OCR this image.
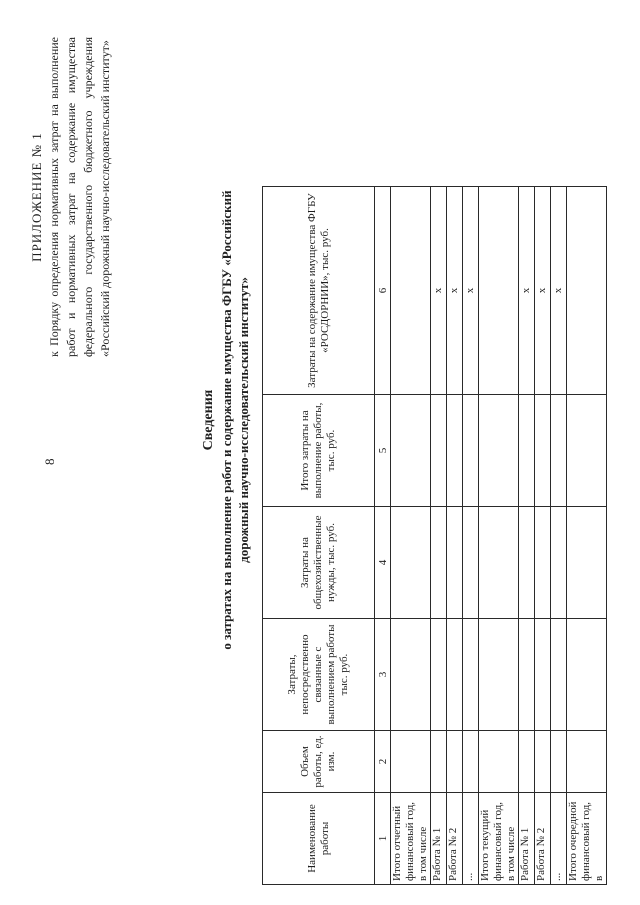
8
ПРИЛОЖЕНИЕ № 1 к Порядку определения нормативных затрат на выполнение работ и нормативных затрат на содержание имущества федерального государственного бюджетного учреждения «Российский дорожный научно-исследовательский институт»
Сведения о затратах на выполнение работ и содержание имущества ФГБУ «Российский дорожный научно-исследовательский институт»
Наименование работы	Объем работы, ед. изм.	Затраты, непосредственно связанные с выполнением работы тыс. руб.	Затраты на общехозяйственные нужды, тыс. руб.	Итого затраты на выполнение работы, тыс. руб.	Затраты на содержание имущества ФГБУ «РОСДОРНИИ», тыс. руб.
1	2	3	4	5	6
Итого отчетный финансовый год, в том числе					
Работа № 1					х
Работа № 2					х
...					х
Итого текущий финансовый год, в том числе					
Работа № 1					х
Работа № 2					х
...					х
Итого очередной финансовый год, в					
